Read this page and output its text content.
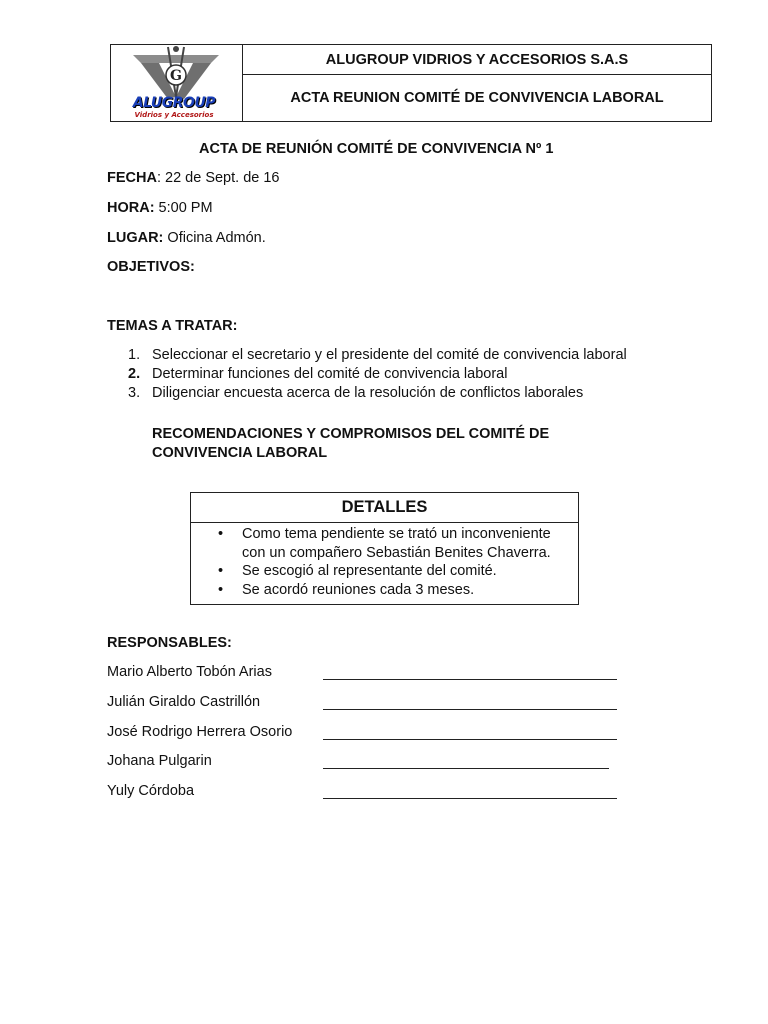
G
ALUGROUP
Vidrios y Accesorios
ALUGROUP VIDRIOS Y ACCESORIOS S.A.S
ACTA REUNION COMITÉ DE CONVIVENCIA LABORAL
ACTA DE REUNIÓN COMITÉ DE CONVIVENCIA Nº 1
FECHA: 22 de Sept. de 16
HORA: 5:00 PM
LUGAR: Oficina Admón.
OBJETIVOS:
TEMAS A TRATAR:
1. Seleccionar el secretario y el presidente del comité de convivencia laboral
2. Determinar funciones del comité de convivencia laboral
3. Diligenciar encuesta acerca de la resolución de conflictos laborales
RECOMENDACIONES Y COMPROMISOS DEL COMITÉ DE
CONVIVENCIA LABORAL
DETALLES
• Como tema pendiente se trató un inconveniente con un compañero Sebastián Benites Chaverra.
• Se escogió al representante del comité.
• Se acordó reuniones cada 3 meses.
RESPONSABLES:
Mario Alberto Tobón Arias
Julián Giraldo Castrillón
José Rodrigo Herrera Osorio
Johana Pulgarin
Yuly Córdoba
